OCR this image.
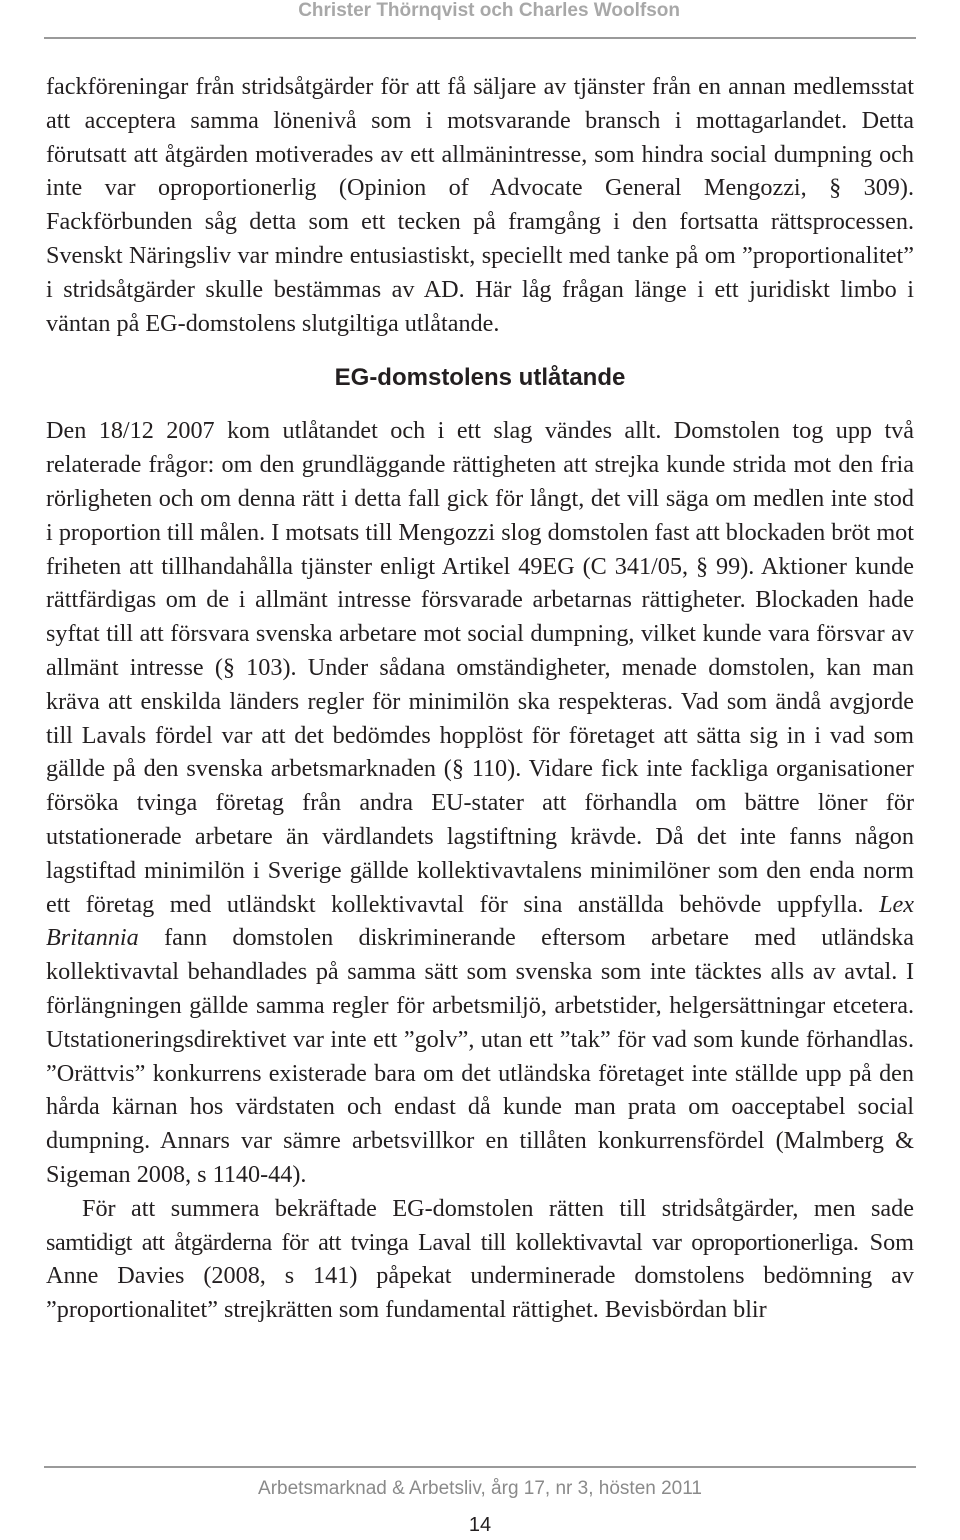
Christer Thörnqvist och Charles Woolfson

fackföreningar från stridsåtgärder för att få säljare av tjänster från en annan medlemsstat att acceptera samma lönenivå som i motsvarande bransch i mottagarlandet. Detta förutsatt att åtgärden motiverades av ett allmänintresse, som hindra social dumpning och inte var oproportionerlig (Opinion of Advocate General Mengozzi, § 309). Fackförbunden såg detta som ett tecken på framgång i den fortsatta rättsprocessen. Svenskt Näringsliv var mindre entusiastiskt, speciellt med tanke på om ”proportionalitet” i stridsåtgärder skulle bestämmas av AD. Här låg frågan länge i ett juridiskt limbo i väntan på EG-domstolens slutgiltiga utlåtande.

EG-domstolens utlåtande

Den 18/12 2007 kom utlåtandet och i ett slag vändes allt. Domstolen tog upp två relaterade frågor: om den grundläggande rättigheten att strejka kunde strida mot den fria rörligheten och om denna rätt i detta fall gick för långt, det vill säga om medlen inte stod i proportion till målen. I motsats till Mengozzi slog domstolen fast att blockaden bröt mot friheten att tillhandahålla tjänster enligt Artikel 49EG (C 341/05, § 99). Aktioner kunde rättfärdigas om de i allmänt intresse försvarade arbetarnas rättigheter. Blockaden hade syftat till att försvara svenska arbetare mot social dumpning, vilket kunde vara försvar av allmänt intresse (§ 103). Under sådana omständigheter, menade domstolen, kan man kräva att enskilda länders regler för minimilön ska respekteras. Vad som ändå avgjorde till Lavals fördel var att det bedömdes hopplöst för företaget att sätta sig in i vad som gällde på den svenska arbetsmarknaden (§ 110). Vidare fick inte fackliga organisationer försöka tvinga företag från andra EU-stater att förhandla om bättre löner för utstationerade arbetare än värdlandets lagstiftning krävde. Då det inte fanns någon lagstiftad minimilön i Sverige gällde kollektivavtalens minimilöner som den enda norm ett företag med utländskt kollektivavtal för sina anställda behövde uppfylla. Lex Britannia fann domstolen diskriminerande eftersom arbetare med utländska kollektivavtal behandlades på samma sätt som svenska som inte täcktes alls av avtal. I förlängningen gällde samma regler för arbetsmiljö, arbetstider, helgersättningar etcetera. Utstationeringsdirektivet var inte ett ”golv”, utan ett ”tak” för vad som kunde förhandlas. ”Orättvis” konkurrens existerade bara om det utländska företaget inte ställde upp på den hårda kärnan hos värdstaten och endast då kunde man prata om oacceptabel social dumpning. Annars var sämre arbetsvillkor en tillåten konkurrensfördel (Malmberg & Sigeman 2008, s 1140-44).

För att summera bekräftade EG-domstolen rätten till stridsåtgärder, men sade samtidigt att åtgärderna för att tvinga Laval till kollektivavtal var oproportionerliga. Som Anne Davies (2008, s 141) påpekat underminerade domstolens bedömning av ”proportionalitet” strejkrätten som fundamental rättighet. Bevisbördan blir

Arbetsmarknad & Arbetsliv, årg 17, nr 3, hösten 2011
14
